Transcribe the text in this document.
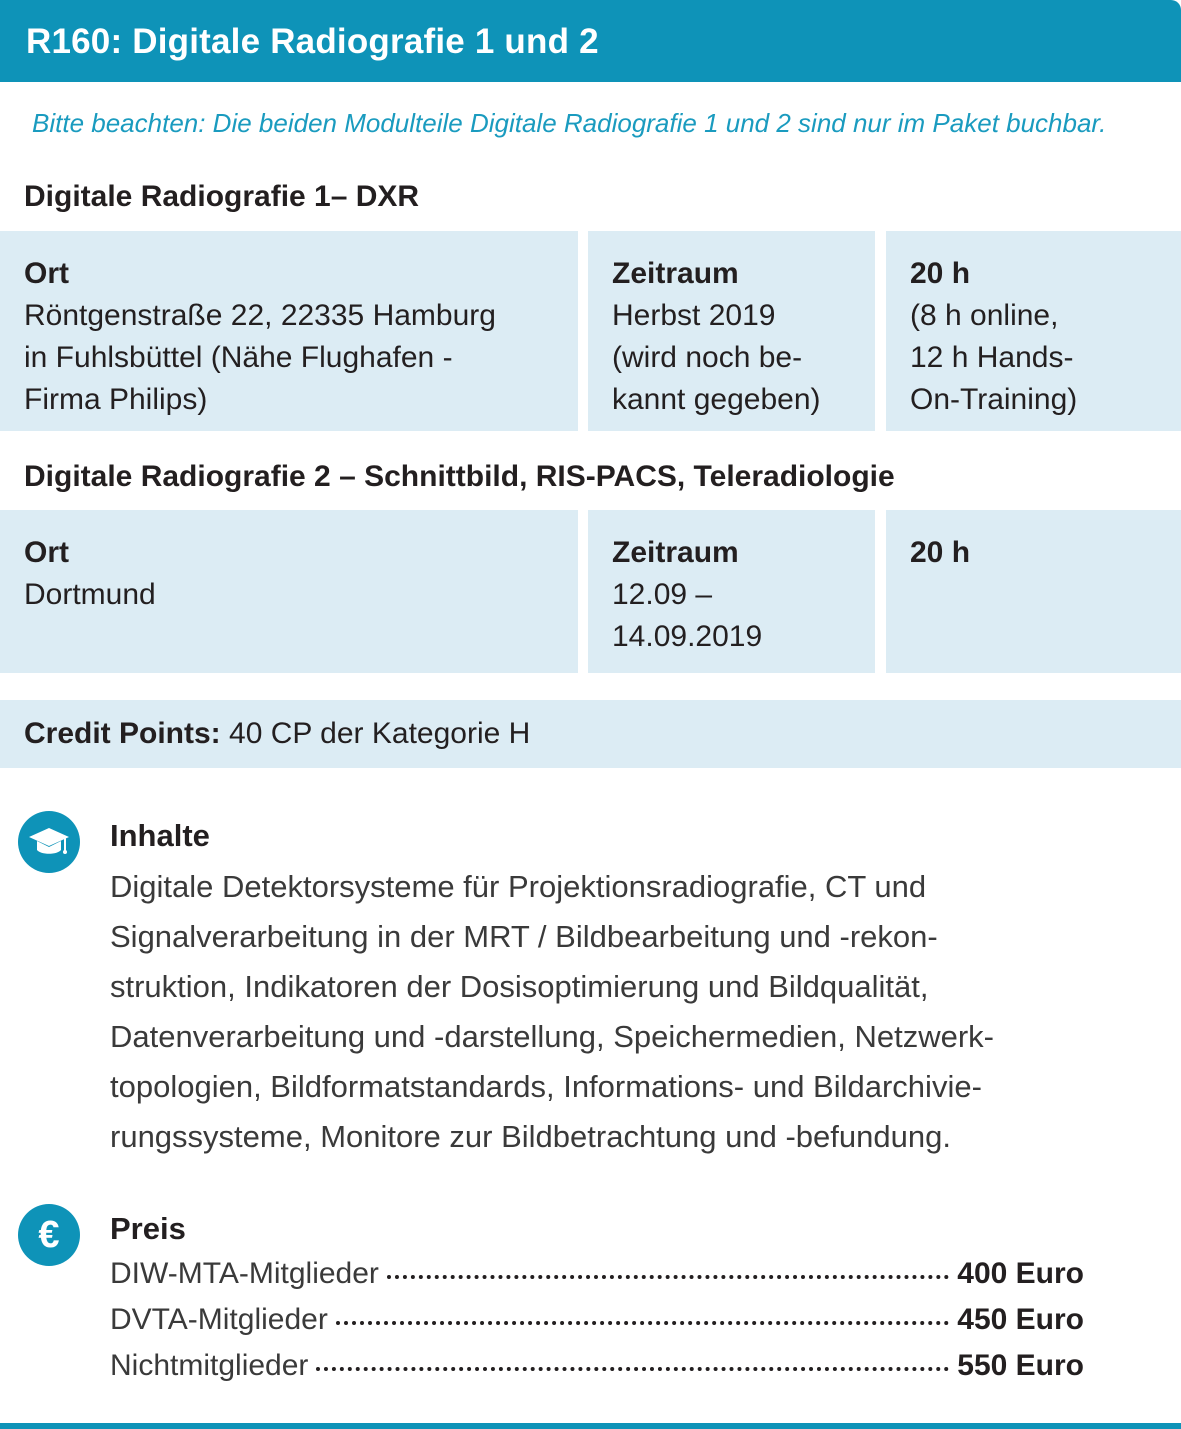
R160: Digitale Radiografie 1 und 2
Bitte beachten: Die beiden Modulteile Digitale Radiografie 1 und 2 sind nur im Paket buchbar.
Digitale Radiografie 1– DXR
Ort
Röntgenstraße 22, 22335 Hamburg
in Fuhlsbüttel (Nähe Flughafen -
Firma Philips)
Zeitraum
Herbst 2019
(wird noch be-
kannt gegeben)
20 h
(8 h online,
12 h Hands-
On-Training)
Digitale Radiografie 2 – Schnittbild, RIS-PACS, Teleradiologie
Ort
Dortmund
Zeitraum
12.09 –
14.09.2019
20 h
Credit Points: 40 CP der Kategorie H
Inhalte
Digitale Detektorsysteme für Projektionsradiografie, CT und
Signalverarbeitung in der MRT / Bildbearbeitung und -rekon-
struktion, Indikatoren der Dosisoptimierung und Bildqualität,
Datenverarbeitung und -darstellung, Speichermedien, Netzwerk-
topologien, Bildformatstandards, Informations- und Bildarchivie-
rungssysteme, Monitore zur Bildbetrachtung und -befundung.
€ Preis
DIW-MTA-Mitglieder	400 Euro
DVTA-Mitglieder	450 Euro
Nichtmitglieder	550 Euro
